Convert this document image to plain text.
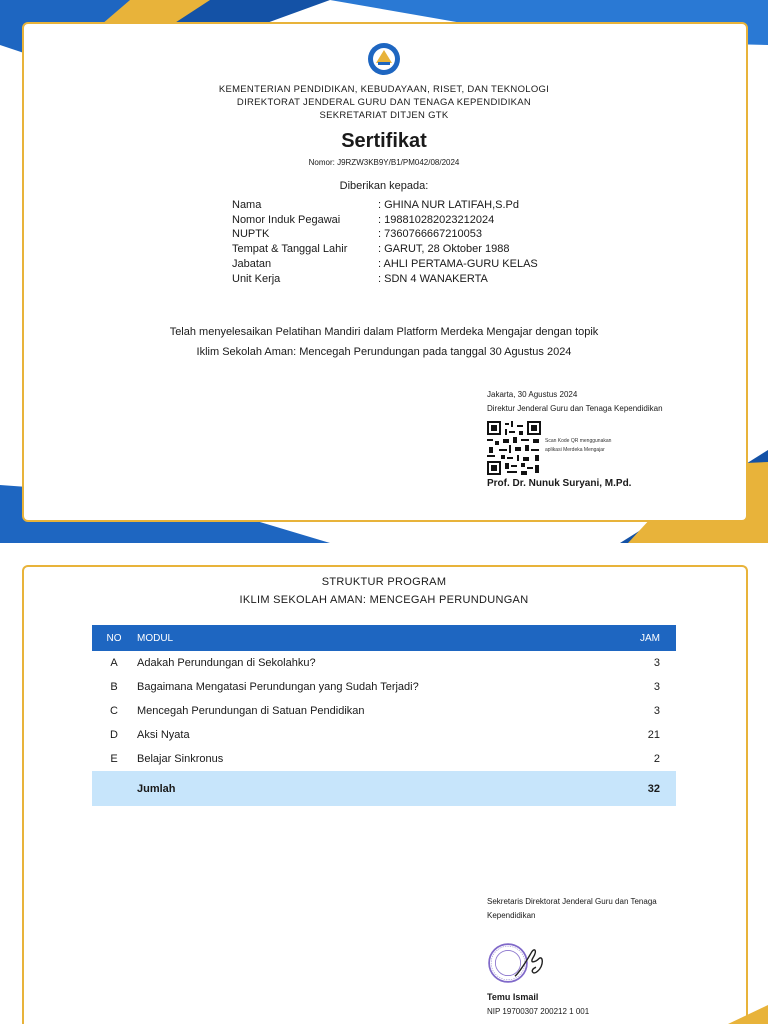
KEMENTERIAN PENDIDIKAN, KEBUDAYAAN, RISET, DAN TEKNOLOGI
DIREKTORAT JENDERAL GURU DAN TENAGA KEPENDIDIKAN
SEKRETARIAT DITJEN GTK
Sertifikat
Nomor: J9RZW3KB9Y/B1/PM042/08/2024
Diberikan kepada:
Nama	: GHINA NUR LATIFAH,S.Pd
Nomor Induk Pegawai	: 198810282023212024
NUPTK	: 7360766667210053
Tempat & Tanggal Lahir	: GARUT, 28 Oktober 1988
Jabatan	: AHLI PERTAMA-GURU KELAS
Unit Kerja	: SDN 4 WANAKERTA
Telah menyelesaikan Pelatihan Mandiri dalam Platform Merdeka Mengajar dengan topik
Iklim Sekolah Aman: Mencegah Perundungan pada tanggal 30 Agustus 2024
Jakarta, 30 Agustus 2024
Direktur Jenderal Guru dan Tenaga Kependidikan
Scan Kode QR menggunakan
aplikasi Merdeka Mengajar
Prof. Dr. Nunuk Suryani, M.Pd.
STRUKTUR PROGRAM
IKLIM SEKOLAH AMAN: MENCEGAH PERUNDUNGAN
NO	MODUL	JAM
A	Adakah Perundungan di Sekolahku?	3
B	Bagaimana Mengatasi Perundungan yang Sudah Terjadi?	3
C	Mencegah Perundungan di Satuan Pendidikan	3
D	Aksi Nyata	21
E	Belajar Sinkronus	2
	Jumlah	32
Sekretaris Direktorat Jenderal Guru dan Tenaga Kependidikan
Temu Ismail
NIP 19700307 200212 1 001
